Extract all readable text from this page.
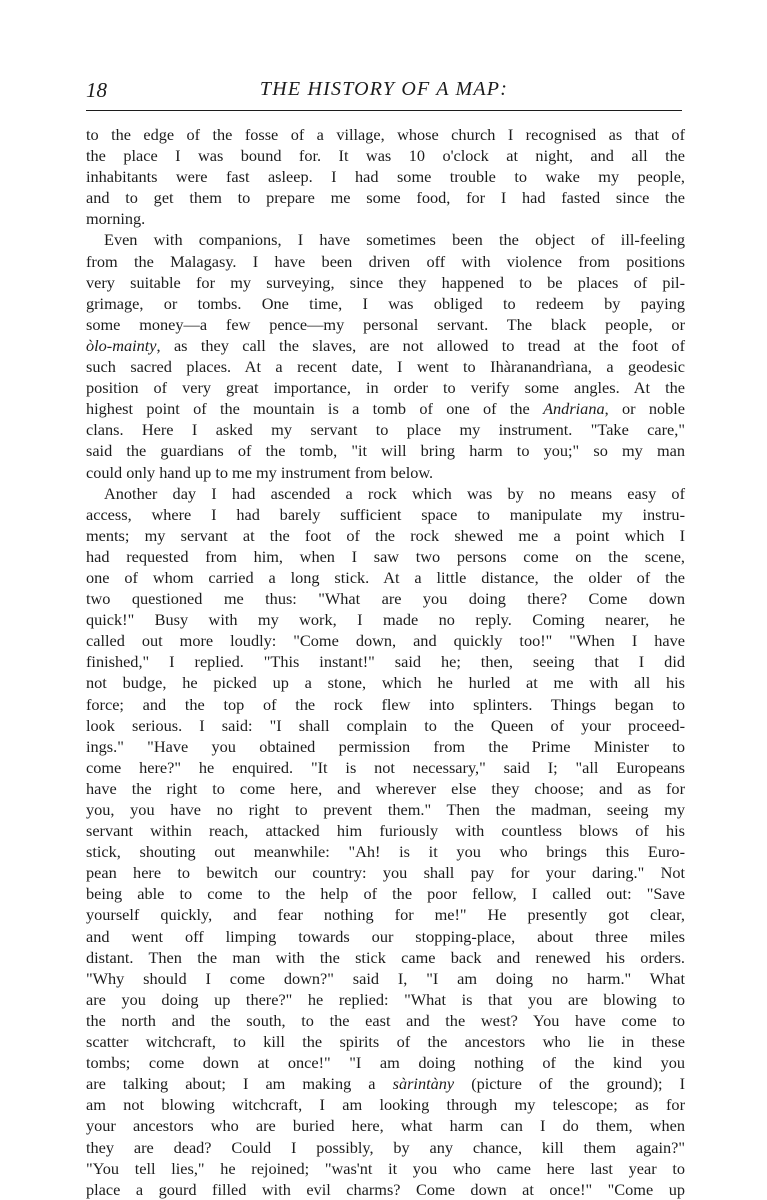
18	THE HISTORY OF A MAP:

to the edge of the fosse of a village, whose church I recognised as that of

the place I was bound for. It was 10 o'clock at night, and all the

inhabitants were fast asleep. I had some trouble to wake my people,

and to get them to prepare me some food, for I had fasted since the

morning.

Even with companions, I have sometimes been the object of ill-feeling

from the Malagasy. I have been driven off with violence from positions

very suitable for my surveying, since they happened to be places of pil-

grimage, or tombs. One time, I was obliged to redeem by paying

some money—a few pence—my personal servant. The black people, or

òlo-mainty, as they call the slaves, are not allowed to tread at the foot of

such sacred places. At a recent date, I went to Ihàranandrìana, a geodesic

position of very great importance, in order to verify some angles. At the

highest point of the mountain is a tomb of one of the Andriana, or noble

clans. Here I asked my servant to place my instrument. "Take care,"

said the guardians of the tomb, "it will bring harm to you;" so my man

could only hand up to me my instrument from below.

Another day I had ascended a rock which was by no means easy of

access, where I had barely sufficient space to manipulate my instru-

ments; my servant at the foot of the rock shewed me a point which I

had requested from him, when I saw two persons come on the scene,

one of whom carried a long stick. At a little distance, the older of the

two questioned me thus: "What are you doing there? Come down

quick!" Busy with my work, I made no reply. Coming nearer, he

called out more loudly: "Come down, and quickly too!" "When I have

finished," I replied. "This instant!" said he; then, seeing that I did

not budge, he picked up a stone, which he hurled at me with all his

force; and the top of the rock flew into splinters. Things began to

look serious. I said: "I shall complain to the Queen of your proceed-

ings." "Have you obtained permission from the Prime Minister to

come here?" he enquired. "It is not necessary," said I; "all Europeans

have the right to come here, and wherever else they choose; and as for

you, you have no right to prevent them." Then the madman, seeing my

servant within reach, attacked him furiously with countless blows of his

stick, shouting out meanwhile: "Ah! is it you who brings this Euro-

pean here to bewitch our country: you shall pay for your daring." Not

being able to come to the help of the poor fellow, I called out: "Save

yourself quickly, and fear nothing for me!" He presently got clear,

and went off limping towards our stopping-place, about three miles

distant. Then the man with the stick came back and renewed his orders.

"Why should I come down?" said I, "I am doing no harm." What

are you doing up there?" he replied: "What is that you are blowing to

the north and the south, to the east and the west? You have come to

scatter witchcraft, to kill the spirits of the ancestors who lie in these

tombs; come down at once!" "I am doing nothing of the kind you

are talking about; I am making a sàrintàny (picture of the ground); I

am not blowing witchcraft, I am looking through my telescope; as for

your ancestors who are buried here, what harm can I do them, when

they are dead? Could I possibly, by any chance, kill them again?"

"You tell lies," he rejoined; "was'nt it you who came here last year to

place a gourd filled with evil charms? Come down at once!" "Come up
